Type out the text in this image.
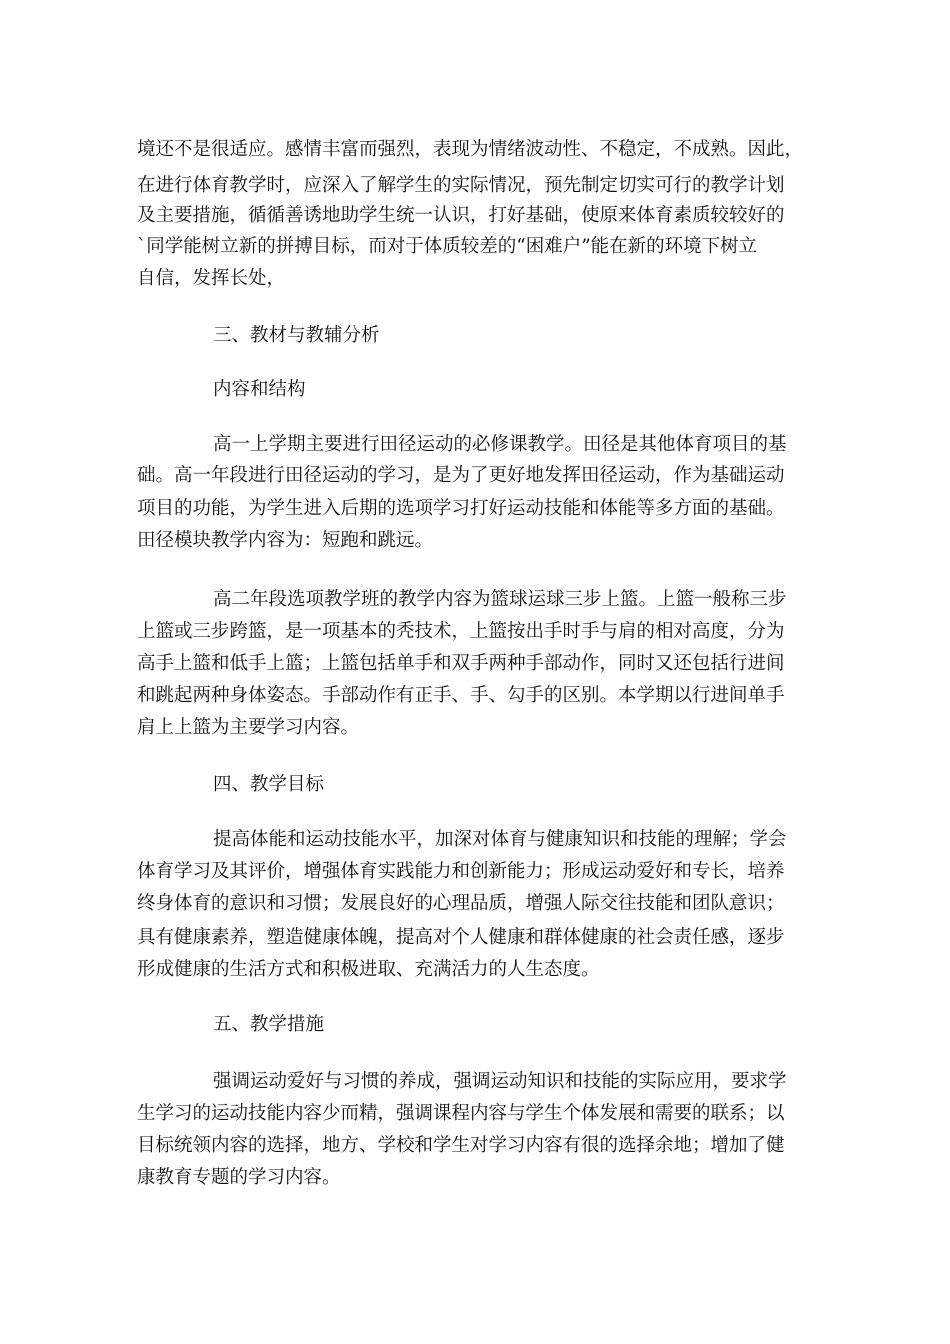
境还不是很适应。感情丰富而强烈，表现为情绪波动性、不稳定，不成熟。因此，

在进行体育教学时，应深入了解学生的实际情况，预先制定切实可行的教学计划

及主要措施，循循善诱地助学生统一认识，打好基础，使原来体育素质较较好的

`同学能树立新的拼搏目标，而对于体质较差的“困难户”能在新的环境下树立

自信，发挥长处，

三、教材与教辅分析

内容和结构

高一上学期主要进行田径运动的必修课教学。田径是其他体育项目的基

础。高一年段进行田径运动的学习，是为了更好地发挥田径运动，作为基础运动

项目的功能，为学生进入后期的选项学习打好运动技能和体能等多方面的基础。

田径模块教学内容为：短跑和跳远。

高二年段选项教学班的教学内容为篮球运球三步上篮。上篮一般称三步

上篮或三步跨篮，是一项基本的秃技术，上篮按出手时手与肩的相对高度，分为

高手上篮和低手上篮；上篮包括单手和双手两种手部动作，同时又还包括行进间

和跳起两种身体姿态。手部动作有正手、手、勾手的区别。本学期以行进间单手

肩上上篮为主要学习内容。

四、教学目标

提高体能和运动技能水平，加深对体育与健康知识和技能的理解；学会

体育学习及其评价，增强体育实践能力和创新能力；形成运动爱好和专长，培养

终身体育的意识和习惯；发展良好的心理品质，增强人际交往技能和团队意识；

具有健康素养，塑造健康体魄，提高对个人健康和群体健康的社会责任感，逐步

形成健康的生活方式和积极进取、充满活力的人生态度。

五、教学措施

强调运动爱好与习惯的养成，强调运动知识和技能的实际应用，要求学

生学习的运动技能内容少而精，强调课程内容与学生个体发展和需要的联系；以

目标统领内容的选择，地方、学校和学生对学习内容有很的选择余地；增加了健

康教育专题的学习内容。
